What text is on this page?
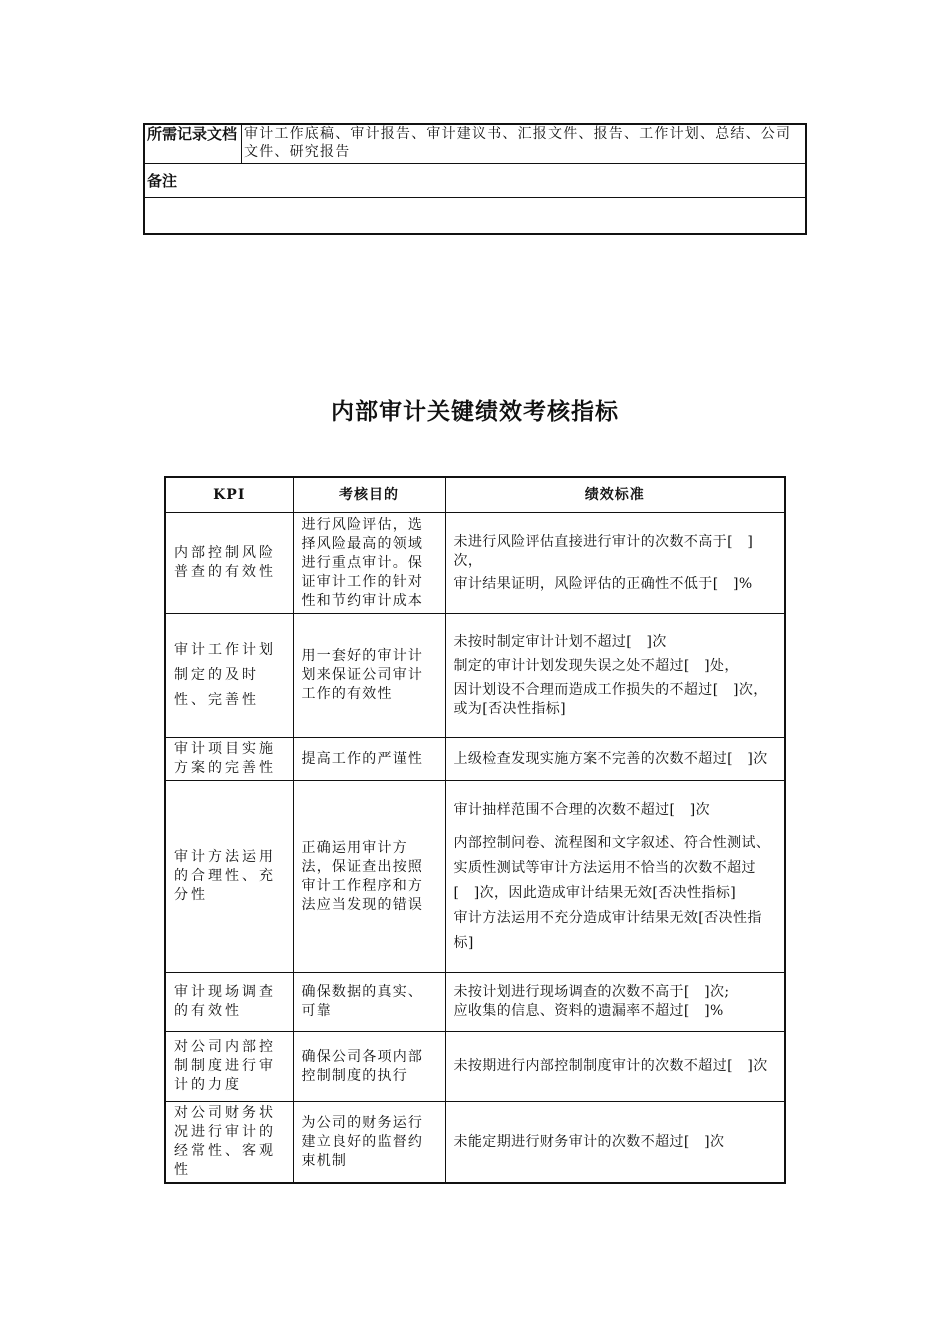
所需记录文档	审计工作底稿、审计报告、审计建议书、汇报文件、报告、工作计划、总结、公司文件、研究报告
备注

内部审计关键绩效考核指标
KPI	考核目的	绩效标准
内部控制风险普查的有效性	进行风险评估，选择风险最高的领域进行重点审计。保证审计工作的针对性和节约审计成本	未进行风险评估直接进行审计的次数不高于[　]次，
审计结果证明，风险评估的正确性不低于[　]%

审计工作计划制定的及时性、完善性	用一套好的审计计划来保证公司审计工作的有效性	未按时制定审计计划不超过[　]次
制定的审计计划发现失误之处不超过[　]处，
因计划设不合理而造成工作损失的不超过[　]次，或为[否决性指标]

审计项目实施方案的完善性	提高工作的严谨性	上级检查发现实施方案不完善的次数不超过[　]次

审计方法运用的合理性、充分性	正确运用审计方法，保证查出按照审计工作程序和方法应当发现的错误	审计抽样范围不合理的次数不超过[　]次
内部控制问卷、流程图和文字叙述、符合性测试、实质性测试等审计方法运用不恰当的次数不超过[　]次，因此造成审计结果无效[否决性指标]
审计方法运用不充分造成审计结果无效[否决性指标]

审计现场调查的有效性	确保数据的真实、可靠	未按计划进行现场调查的次数不高于[　]次;
应收集的信息、资料的遗漏率不超过[　]%

对公司内部控制制度进行审计的力度	确保公司各项内部控制制度的执行	未按期进行内部控制制度审计的次数不超过[　]次

对公司财务状况进行审计的经常性、客观性	为公司的财务运行建立良好的监督约束机制	未能定期进行财务审计的次数不超过[　]次
